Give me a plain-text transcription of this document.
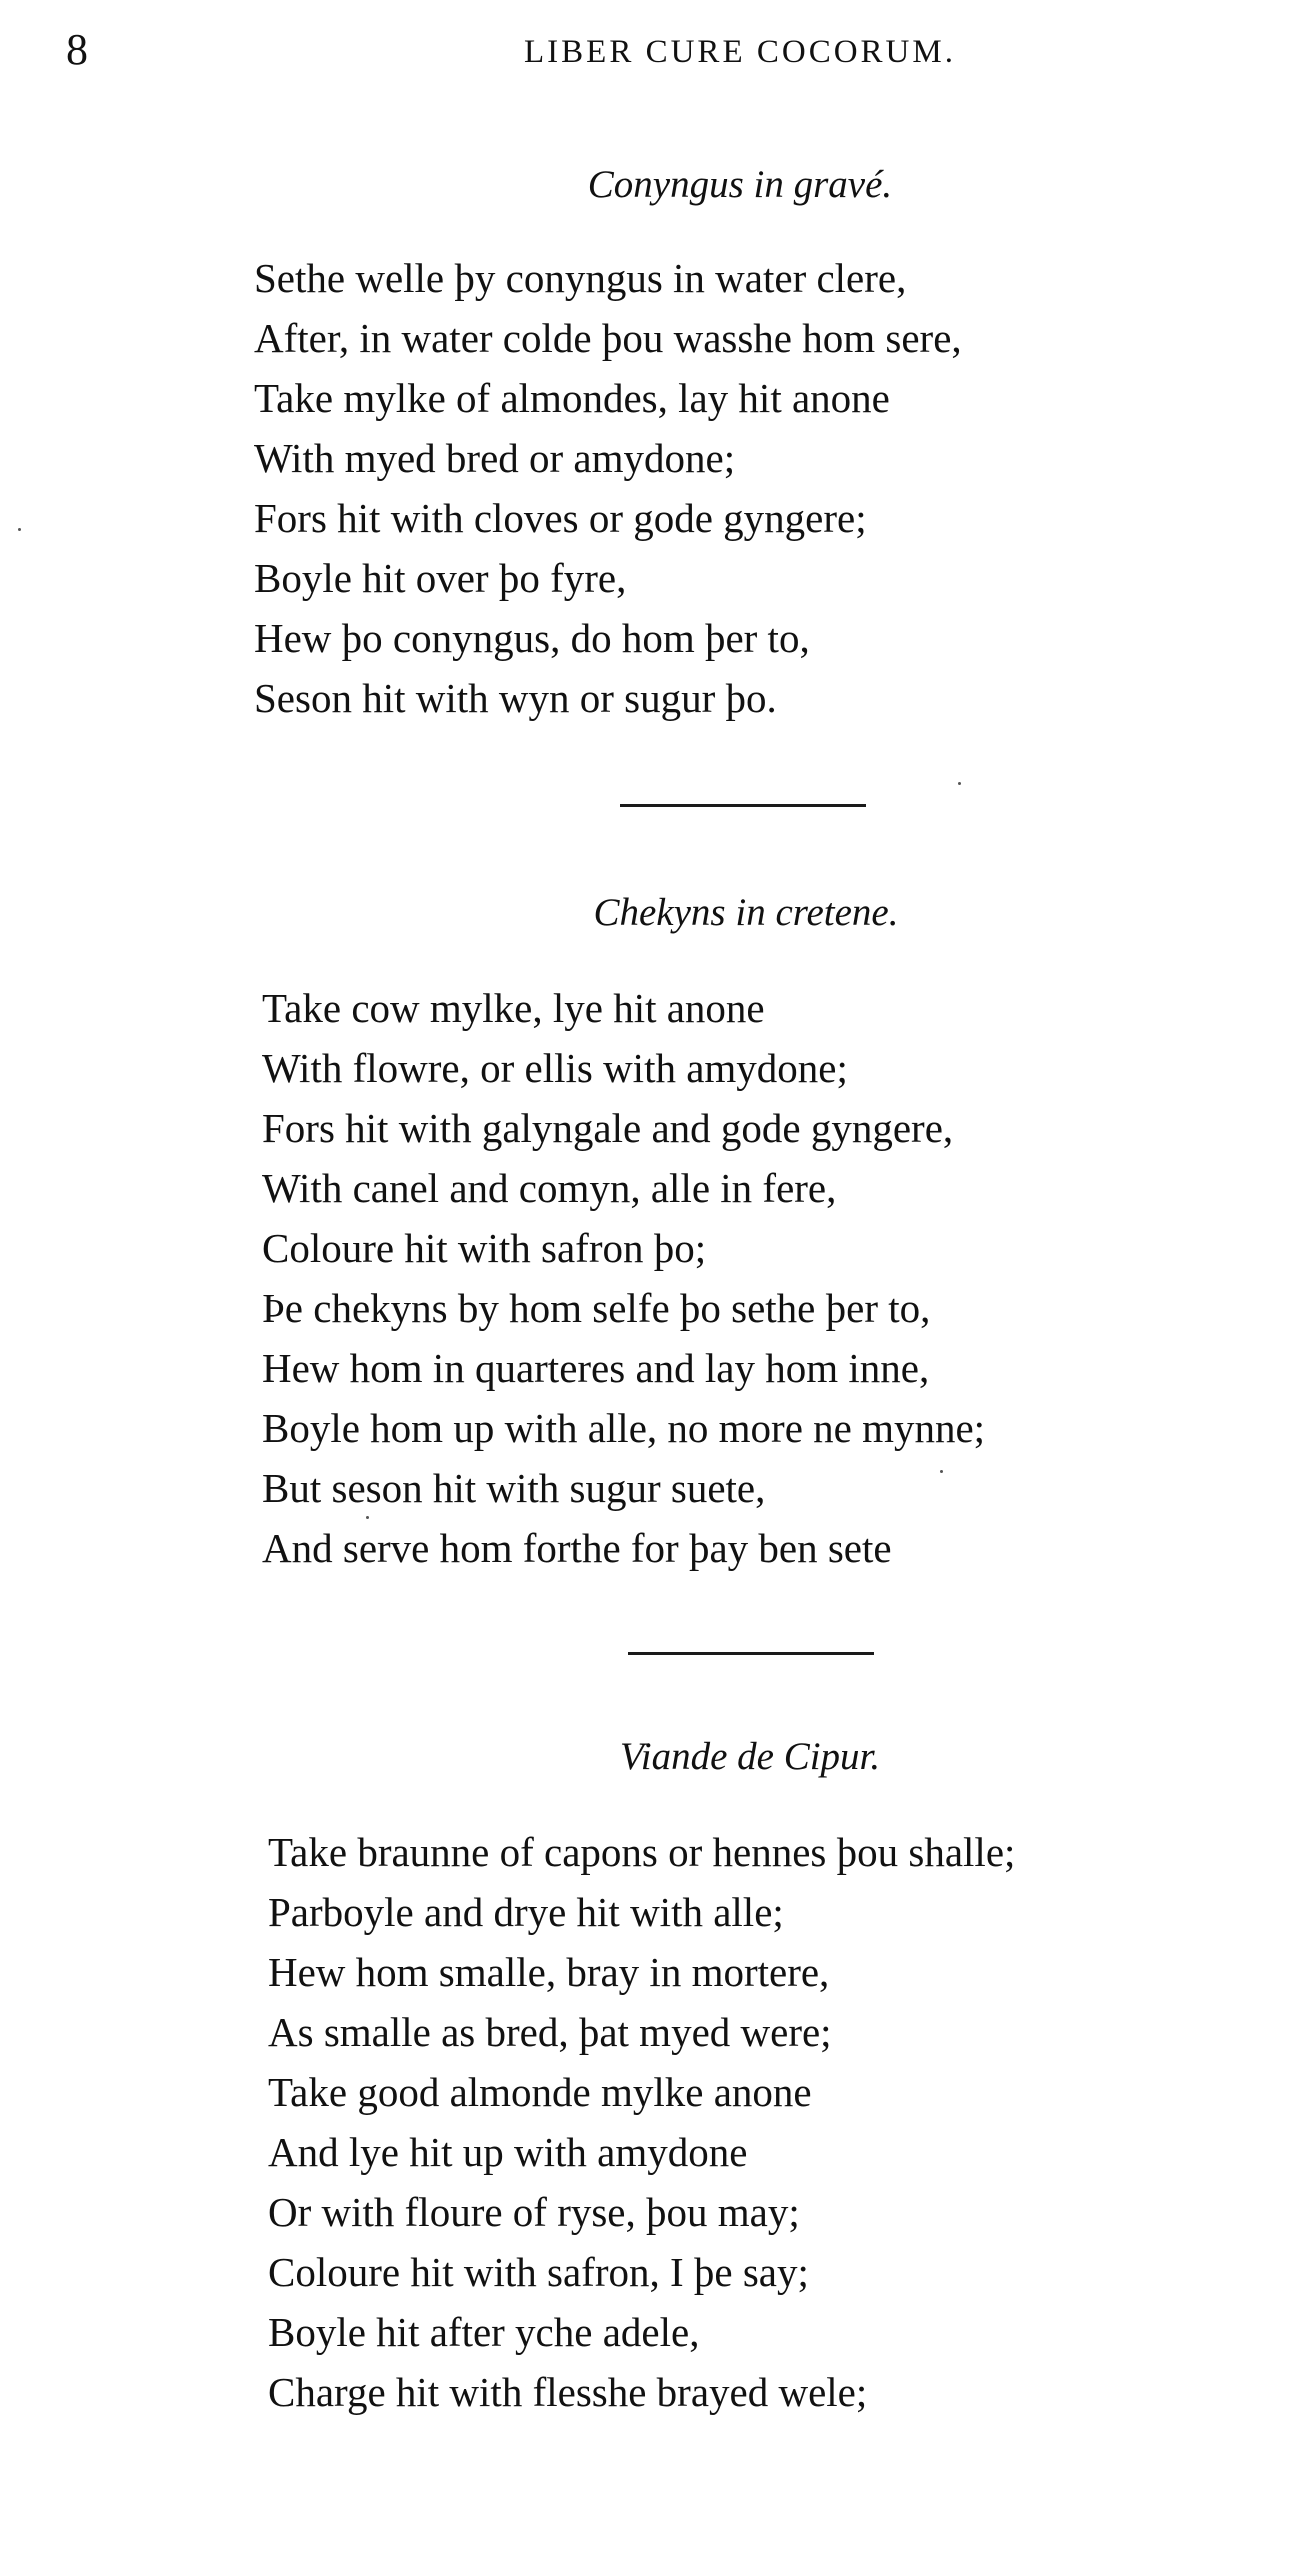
8	LIBER CURE COCORUM.
Conyngus in gravé.
Sethe welle þy conyngus in water clere,
After, in water colde þou wasshe hom sere,
Take mylke of almondes, lay hit anone
With myed bred or amydone;
Fors hit with cloves or gode gyngere;
Boyle hit over þo fyre,
Hew þo conyngus, do hom þer to,
Seson hit with wyn or sugur þo.
Chekyns in cretene.
Take cow mylke, lye hit anone
With flowre, or ellis with amydone;
Fors hit with galyngale and gode gyngere,
With canel and comyn, alle in fere,
Coloure hit with safron þo;
Þe chekyns by hom selfe þo sethe þer to,
Hew hom in quarteres and lay hom inne,
Boyle hom up with alle, no more ne mynne;
But seson hit with sugur suete,
And serve hom forthe for þay ben sete
Viande de Cipur.
Take braunne of capons or hennes þou shalle;
Parboyle and drye hit with alle;
Hew hom smalle, bray in mortere,
As smalle as bred, þat myed were;
Take good almonde mylke anone
And lye hit up with amydone
Or with floure of ryse, þou may;
Coloure hit with safron, I þe say;
Boyle hit after yche adele,
Charge hit with flesshe brayed wele;
